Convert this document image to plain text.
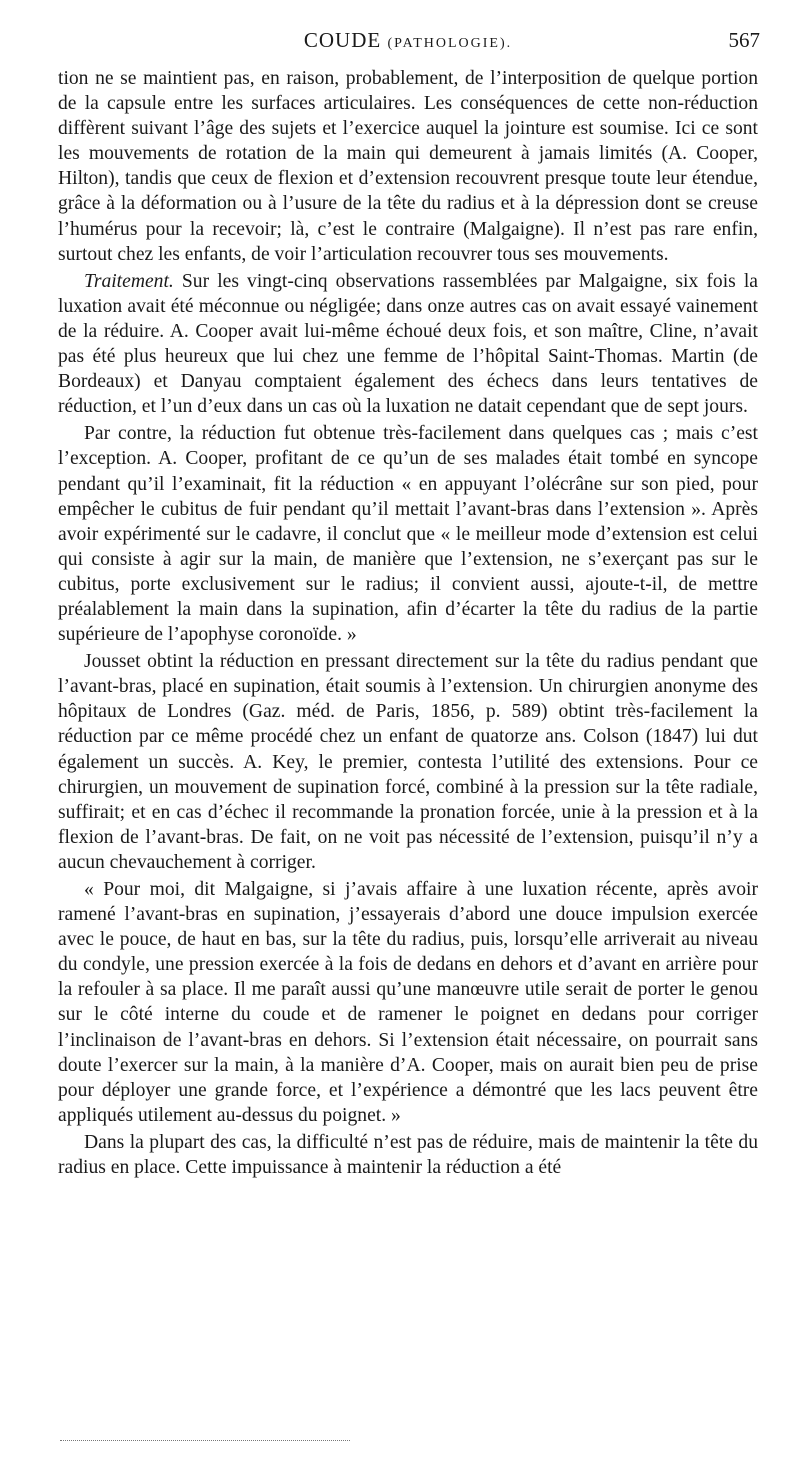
COUDE (PATHOLOGIE).	567

tion ne se maintient pas, en raison, probablement, de l’interposition de quelque portion de la capsule entre les surfaces articulaires. Les conséquences de cette non-réduction diffèrent suivant l’âge des sujets et l’exercice auquel la jointure est soumise. Ici ce sont les mouvements de rotation de la main qui demeurent à jamais limités (A. Cooper, Hilton), tandis que ceux de flexion et d’extension recouvrent presque toute leur étendue, grâce à la déformation ou à l’usure de la tête du radius et à la dépression dont se creuse l’humérus pour la recevoir; là, c’est le contraire (Malgaigne). Il n’est pas rare enfin, surtout chez les enfants, de voir l’articulation recouvrer tous ses mouvements.

Traitement. Sur les vingt-cinq observations rassemblées par Malgaigne, six fois la luxation avait été méconnue ou négligée; dans onze autres cas on avait essayé vainement de la réduire. A. Cooper avait lui-même échoué deux fois, et son maître, Cline, n’avait pas été plus heureux que lui chez une femme de l’hôpital Saint-Thomas. Martin (de Bordeaux) et Danyau comptaient également des échecs dans leurs tentatives de réduction, et l’un d’eux dans un cas où la luxation ne datait cependant que de sept jours.

Par contre, la réduction fut obtenue très-facilement dans quelques cas ; mais c’est l’exception. A. Cooper, profitant de ce qu’un de ses malades était tombé en syncope pendant qu’il l’examinait, fit la réduction « en appuyant l’olécrâne sur son pied, pour empêcher le cubitus de fuir pendant qu’il mettait l’avant-bras dans l’extension ». Après avoir expérimenté sur le cadavre, il conclut que « le meilleur mode d’extension est celui qui consiste à agir sur la main, de manière que l’extension, ne s’exerçant pas sur le cubitus, porte exclusivement sur le radius; il convient aussi, ajoute-t-il, de mettre préalablement la main dans la supination, afin d’écarter la tête du radius de la partie supérieure de l’apophyse coronoïde. »

Jousset obtint la réduction en pressant directement sur la tête du radius pendant que l’avant-bras, placé en supination, était soumis à l’extension. Un chirurgien anonyme des hôpitaux de Londres (Gaz. méd. de Paris, 1856, p. 589) obtint très-facilement la réduction par ce même procédé chez un enfant de quatorze ans. Colson (1847) lui dut également un succès. A. Key, le premier, contesta l’utilité des extensions. Pour ce chirurgien, un mouvement de supination forcé, combiné à la pression sur la tête radiale, suffirait; et en cas d’échec il recommande la pronation forcée, unie à la pression et à la flexion de l’avant-bras. De fait, on ne voit pas nécessité de l’extension, puisqu’il n’y a aucun chevauchement à corriger.

« Pour moi, dit Malgaigne, si j’avais affaire à une luxation récente, après avoir ramené l’avant-bras en supination, j’essayerais d’abord une douce impulsion exercée avec le pouce, de haut en bas, sur la tête du radius, puis, lorsqu’elle arriverait au niveau du condyle, une pression exercée à la fois de dedans en dehors et d’avant en arrière pour la refouler à sa place. Il me paraît aussi qu’une manœuvre utile serait de porter le genou sur le côté interne du coude et de ramener le poignet en dedans pour corriger l’inclinaison de l’avant-bras en dehors. Si l’extension était nécessaire, on pourrait sans doute l’exercer sur la main, à la manière d’A. Cooper, mais on aurait bien peu de prise pour déployer une grande force, et l’expérience a démontré que les lacs peuvent être appliqués utilement au-dessus du poignet. »

Dans la plupart des cas, la difficulté n’est pas de réduire, mais de maintenir la tête du radius en place. Cette impuissance à maintenir la réduction a été
